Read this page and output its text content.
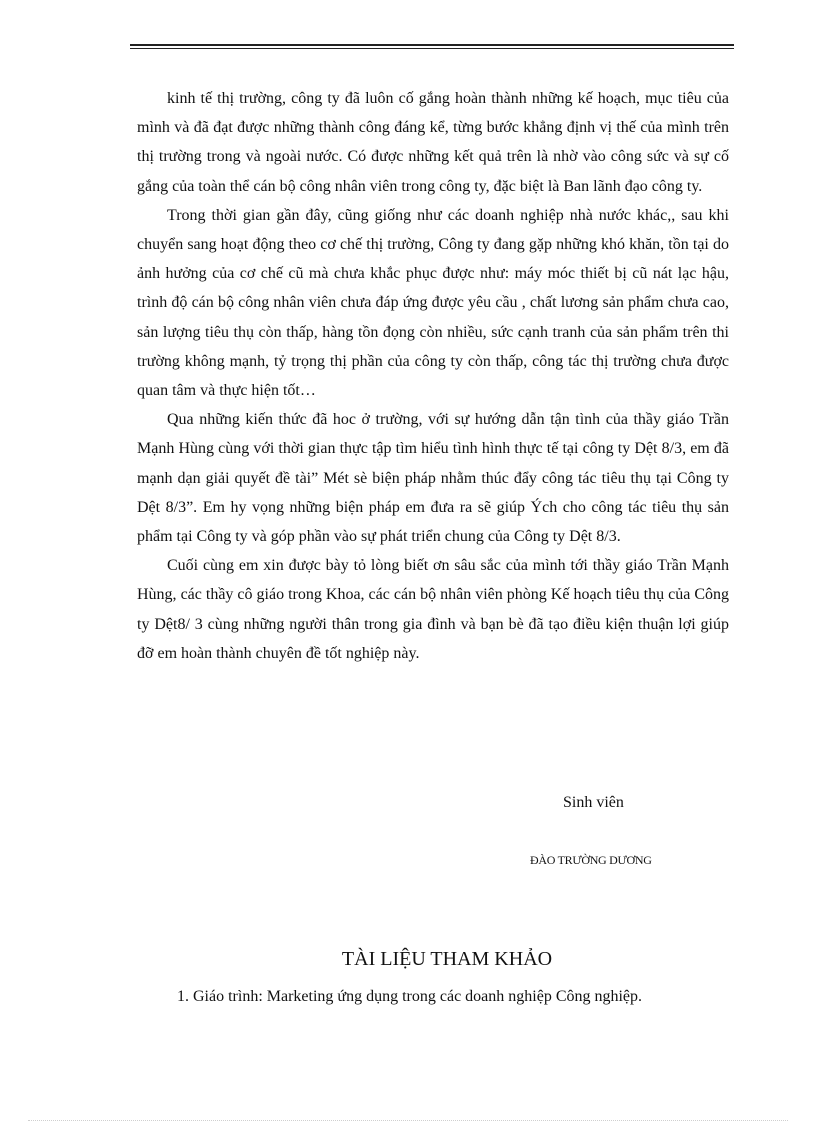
kinh tế thị trường, công ty đã luôn cố gắng hoàn thành những kế hoạch, mục tiêu của mình và đã đạt được những thành công đáng kể, từng bước khẳng định vị thế của mình trên thị trường trong và ngoài nước. Có được những kết quả trên là nhờ vào công sức và sự cố gắng của toàn thể cán bộ công nhân viên trong công ty, đặc biệt là Ban lãnh đạo công ty.

Trong thời gian gần đây, cũng giống như các doanh nghiệp nhà nước khác,, sau khi chuyển sang hoạt động theo cơ chế thị trường, Công ty đang gặp những khó khăn, tồn tại do ảnh hưởng của cơ chế cũ mà chưa khắc phục được như: máy móc thiết bị cũ nát lạc hậu, trình độ cán bộ công nhân viên chưa đáp ứng được yêu cầu , chất lương sản phẩm chưa cao, sản lượng tiêu thụ còn thấp, hàng tồn đọng còn nhiều, sức cạnh tranh của sản phẩm trên thi trường không mạnh, tỷ trọng thị phần của công ty còn thấp, công tác thị trường chưa được quan tâm và thực hiện tốt…

Qua những kiến thức đã hoc ở trường, với sự hướng dẫn tận tình của thầy giáo Trần Mạnh Hùng cùng với thời gian thực tập tìm hiểu tình hình thực tế tại công ty Dệt 8/3, em đã mạnh dạn giải quyết đề tài” Mét sè biện pháp nhằm thúc đẩy công tác tiêu thụ tại Công ty Dệt 8/3”. Em hy vọng những biện pháp em đưa ra sẽ giúp Ých cho công tác tiêu thụ sản phẩm tại Công ty và góp phần vào sự phát triển chung của Công ty Dệt 8/3.

Cuối cùng em xin được bày tỏ lòng biết ơn sâu sắc của mình tới thầy giáo Trần Mạnh Hùng, các thầy cô giáo trong Khoa, các cán bộ nhân viên phòng Kế hoạch tiêu thụ của Công ty Dệt8/ 3 cùng những người thân trong gia đình và bạn bè đã tạo điều kiện thuận lợi giúp đỡ em hoàn thành chuyên đề tốt nghiệp này.

Sinh viên
ĐÀO TRƯỜNG DƯƠNG
TÀI LIỆU THAM KHẢO
1. Giáo trình: Marketing ứng dụng trong các doanh nghiệp Công nghiệp.
